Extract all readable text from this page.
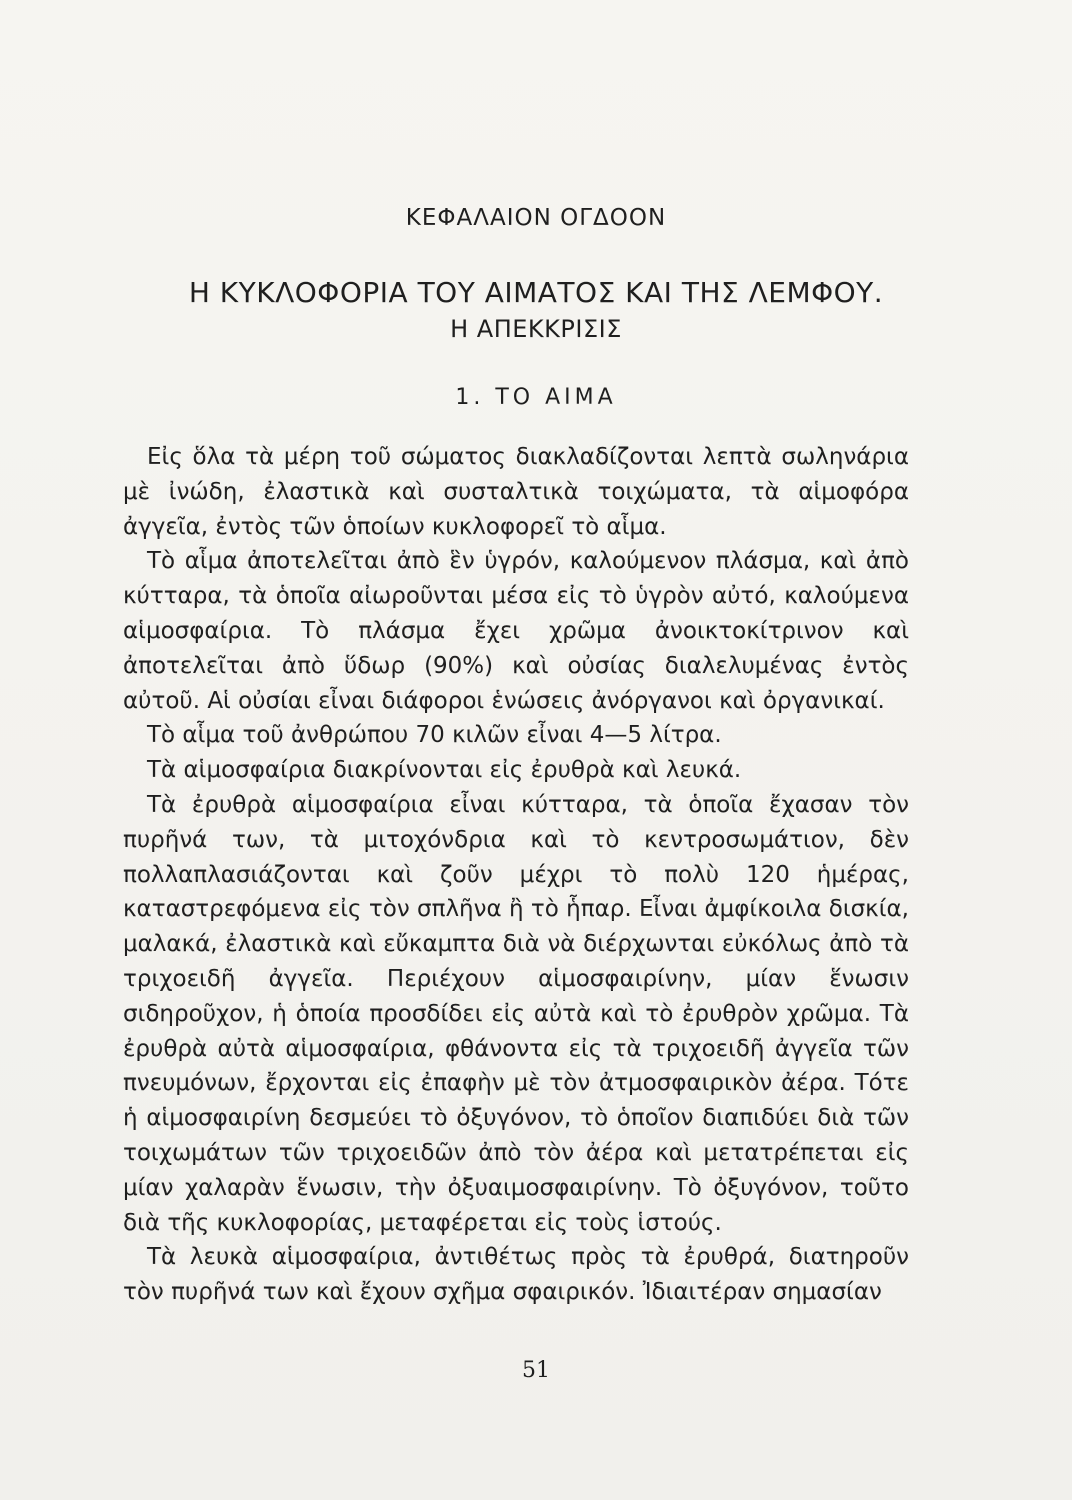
ΚΕΦΑΛΑΙΟΝ ΟΓΔΟΟΝ
Η ΚΥΚΛΟΦΟΡΙΑ ΤΟΥ ΑΙΜΑΤΟΣ ΚΑΙ ΤΗΣ ΛΕΜΦΟΥ.
Η ΑΠΕΚΚΡΙΣΙΣ
1. ΤΟ ΑΙΜΑ

Εἰς ὅλα τὰ μέρη τοῦ σώματος διακλαδίζονται λεπτὰ σωληνάρια μὲ ἰνώδη, ἐλαστικὰ καὶ συσταλτικὰ τοιχώματα, τὰ αἱμοφόρα ἀγγεῖα, ἐντὸς τῶν ὁποίων κυκλοφορεῖ τὸ αἷμα.

Τὸ αἷμα ἀποτελεῖται ἀπὸ ἓν ὑγρόν, καλούμενον πλάσμα, καὶ ἀπὸ κύτταρα, τὰ ὁποῖα αἰωροῦνται μέσα εἰς τὸ ὑγρὸν αὐτό, καλούμενα αἱμοσφαίρια. Τὸ πλάσμα ἔχει χρῶμα ἀνοικτοκίτρινον καὶ ἀποτελεῖται ἀπὸ ὕδωρ (90%) καὶ οὐσίας διαλελυμένας ἐντὸς αὐτοῦ. Αἱ οὐσίαι εἶναι διάφοροι ἑνώσεις ἀνόργανοι καὶ ὀργανικαί.

Τὸ αἷμα τοῦ ἀνθρώπου 70 κιλῶν εἶναι 4—5 λίτρα.

Τὰ αἱμοσφαίρια διακρίνονται εἰς ἐρυθρὰ καὶ λευκά.

Τὰ ἐρυθρὰ αἱμοσφαίρια εἶναι κύτταρα, τὰ ὁποῖα ἔχασαν τὸν πυρῆνά των, τὰ μιτοχόνδρια καὶ τὸ κεντροσωμάτιον, δὲν πολλαπλασιάζονται καὶ ζοῦν μέχρι τὸ πολὺ 120 ἡμέρας, καταστρεφόμενα εἰς τὸν σπλῆνα ἢ τὸ ἧπαρ. Εἶναι ἀμφίκοιλα δισκία, μαλακά, ἐλαστικὰ καὶ εὔκαμπτα διὰ νὰ διέρχωνται εὐκόλως ἀπὸ τὰ τριχοειδῆ ἀγγεῖα. Περιέχουν αἱμοσφαιρίνην, μίαν ἕνωσιν σιδηροῦχον, ἡ ὁποία προσδίδει εἰς αὐτὰ καὶ τὸ ἐρυθρὸν χρῶμα. Τὰ ἐρυθρὰ αὐτὰ αἱμοσφαίρια, φθάνοντα εἰς τὰ τριχοειδῆ ἀγγεῖα τῶν πνευμόνων, ἔρχονται εἰς ἐπαφὴν μὲ τὸν ἀτμοσφαιρικὸν ἀέρα. Τότε ἡ αἱμοσφαιρίνη δεσμεύει τὸ ὀξυγόνον, τὸ ὁποῖον διαπιδύει διὰ τῶν τοιχωμάτων τῶν τριχοειδῶν ἀπὸ τὸν ἀέρα καὶ μετατρέπεται εἰς μίαν χαλαρὰν ἕνωσιν, τὴν ὀξυαιμοσφαιρίνην. Τὸ ὀξυγόνον, τοῦτο διὰ τῆς κυκλοφορίας, μεταφέρεται εἰς τοὺς ἱστούς.

Τὰ λευκὰ αἱμοσφαίρια, ἀντιθέτως πρὸς τὰ ἐρυθρά, διατηροῦν τὸν πυρῆνά των καὶ ἔχουν σχῆμα σφαιρικόν. Ἰδιαιτέραν σημασίαν

51
